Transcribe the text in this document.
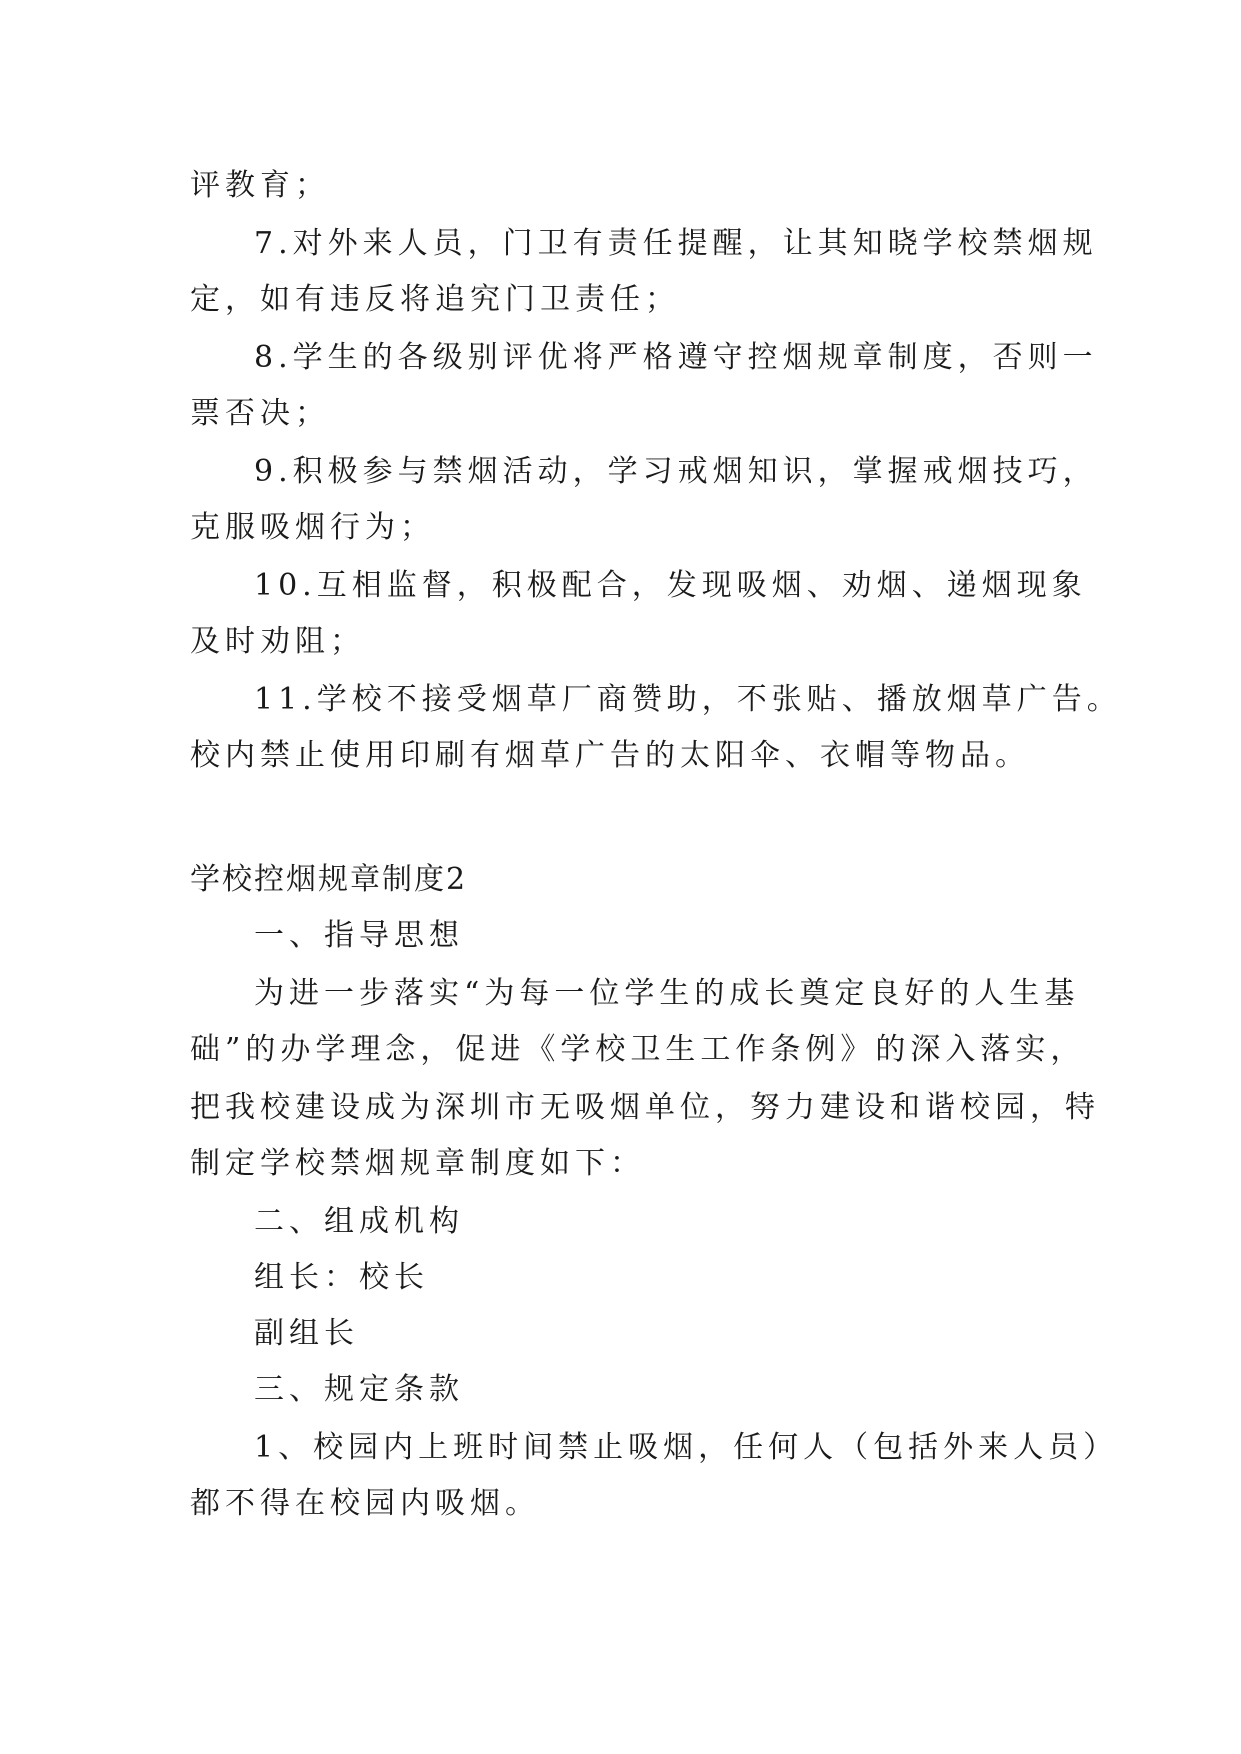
评教育；
7.对外来人员，门卫有责任提醒，让其知晓学校禁烟规
定，如有违反将追究门卫责任；
8.学生的各级别评优将严格遵守控烟规章制度，否则一
票否决；
9.积极参与禁烟活动，学习戒烟知识，掌握戒烟技巧，
克服吸烟行为；
10.互相监督，积极配合，发现吸烟、劝烟、递烟现象
及时劝阻；
11.学校不接受烟草厂商赞助，不张贴、播放烟草广告。
校内禁止使用印刷有烟草广告的太阳伞、衣帽等物品。
学校控烟规章制度2
一、指导思想
为进一步落实“为每一位学生的成长奠定良好的人生基
础”的办学理念，促进《学校卫生工作条例》的深入落实，
把我校建设成为深圳市无吸烟单位，努力建设和谐校园，特
制定学校禁烟规章制度如下：
二、组成机构
组长：校长
副组长
三、规定条款
1、校园内上班时间禁止吸烟，任何人（包括外来人员）
都不得在校园内吸烟。
